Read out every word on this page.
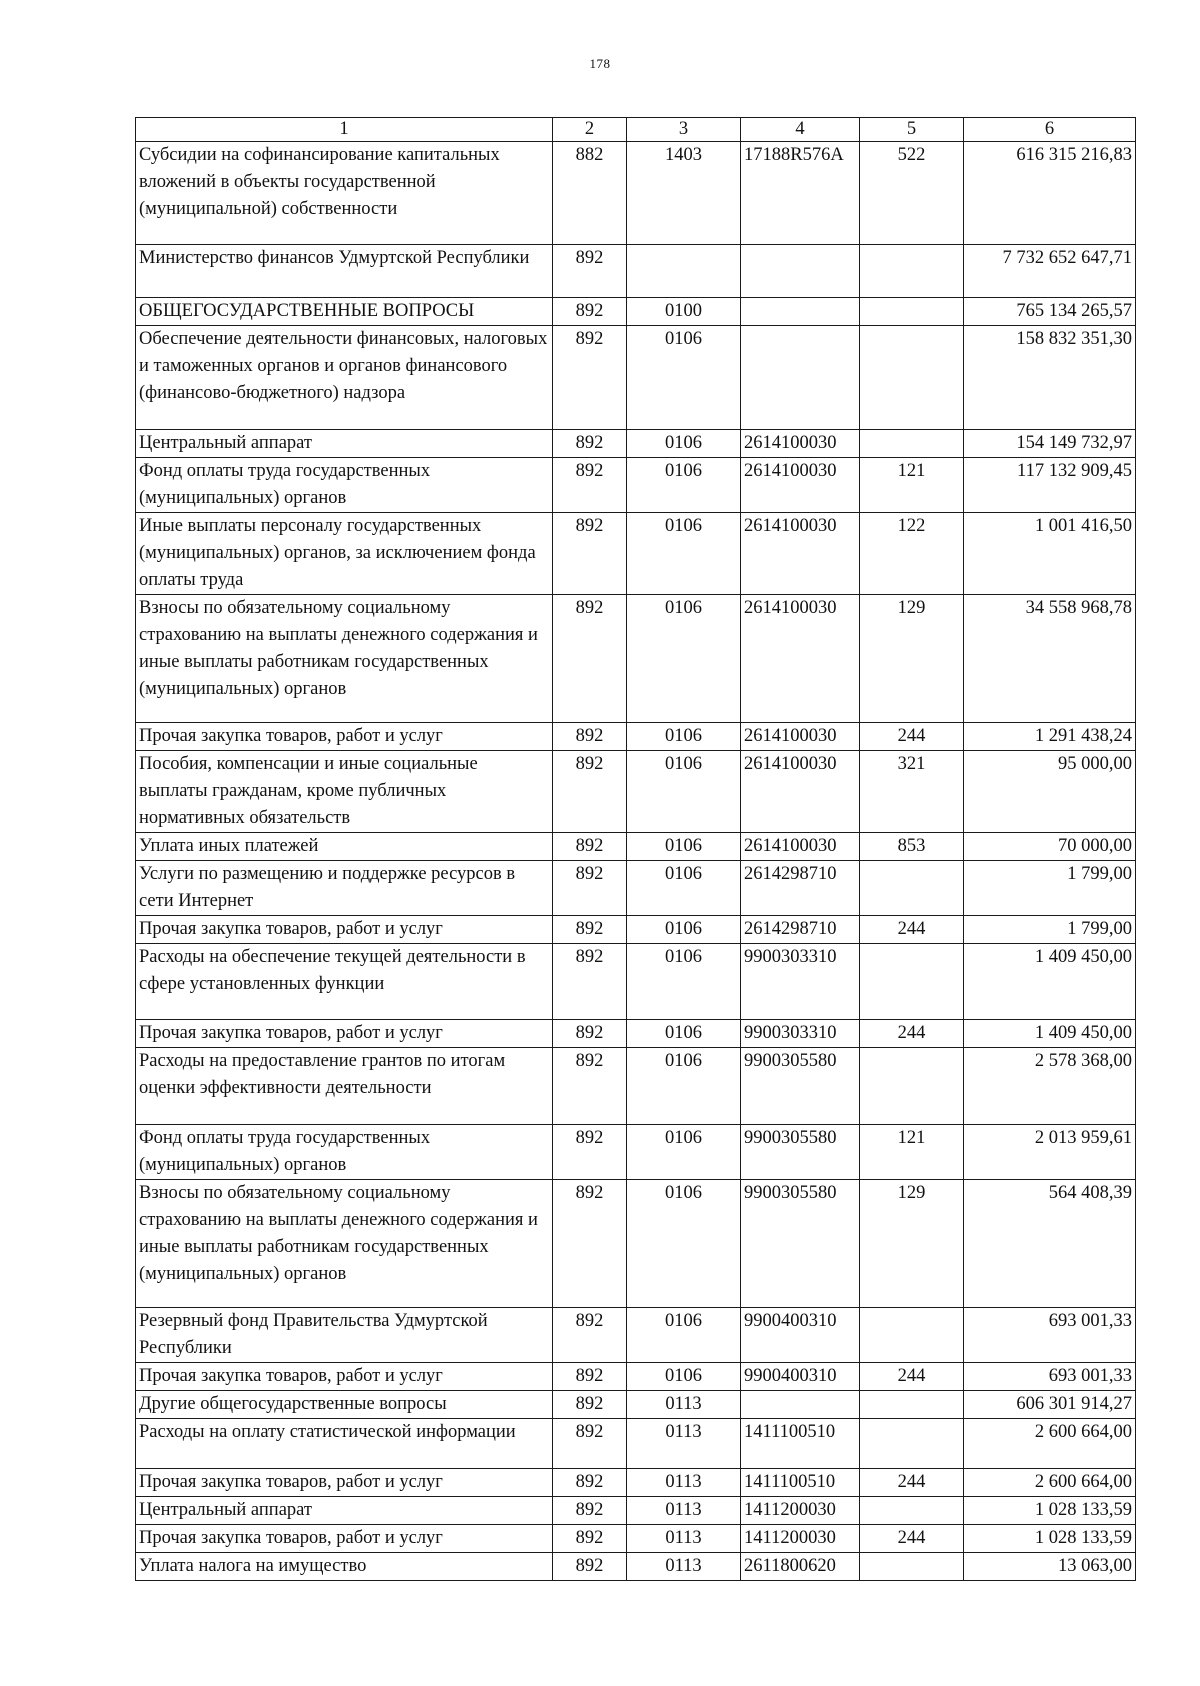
178
1	2	3	4	5	6
Субсидии на софинансирование капитальных вложений в объекты государственной (муниципальной) собственности	882	1403	17188R576A	522	616 315 216,83
Министерство финансов Удмуртской Республики	892				7 732 652 647,71
ОБЩЕГОСУДАРСТВЕННЫЕ ВОПРОСЫ	892	0100			765 134 265,57
Обеспечение деятельности финансовых, налоговых и таможенных органов и органов финансового (финансово-бюджетного) надзора	892	0106			158 832 351,30
Центральный аппарат	892	0106	2614100030		154 149 732,97
Фонд оплаты труда государственных (муниципальных) органов	892	0106	2614100030	121	117 132 909,45
Иные выплаты персоналу государственных (муниципальных) органов, за исключением фонда оплаты труда	892	0106	2614100030	122	1 001 416,50
Взносы по обязательному социальному страхованию на выплаты денежного содержания и иные выплаты работникам государственных (муниципальных) органов	892	0106	2614100030	129	34 558 968,78
Прочая закупка товаров, работ и услуг	892	0106	2614100030	244	1 291 438,24
Пособия, компенсации и иные социальные выплаты гражданам, кроме публичных нормативных обязательств	892	0106	2614100030	321	95 000,00
Уплата иных платежей	892	0106	2614100030	853	70 000,00
Услуги по размещению и поддержке ресурсов в сети Интернет	892	0106	2614298710		1 799,00
Прочая закупка товаров, работ и услуг	892	0106	2614298710	244	1 799,00
Расходы на обеспечение текущей деятельности в сфере установленных функции	892	0106	9900303310		1 409 450,00
Прочая закупка товаров, работ и услуг	892	0106	9900303310	244	1 409 450,00
Расходы на предоставление грантов по итогам оценки эффективности деятельности	892	0106	9900305580		2 578 368,00
Фонд оплаты труда государственных (муниципальных) органов	892	0106	9900305580	121	2 013 959,61
Взносы по обязательному социальному страхованию на выплаты денежного содержания и иные выплаты работникам государственных (муниципальных) органов	892	0106	9900305580	129	564 408,39
Резервный фонд Правительства Удмуртской Республики	892	0106	9900400310		693 001,33
Прочая закупка товаров, работ и услуг	892	0106	9900400310	244	693 001,33
Другие общегосударственные вопросы	892	0113			606 301 914,27
Расходы на оплату статистической информации	892	0113	1411100510		2 600 664,00
Прочая закупка товаров, работ и услуг	892	0113	1411100510	244	2 600 664,00
Центральный аппарат	892	0113	1411200030		1 028 133,59
Прочая закупка товаров, работ и услуг	892	0113	1411200030	244	1 028 133,59
Уплата налога на имущество	892	0113	2611800620		13 063,00
